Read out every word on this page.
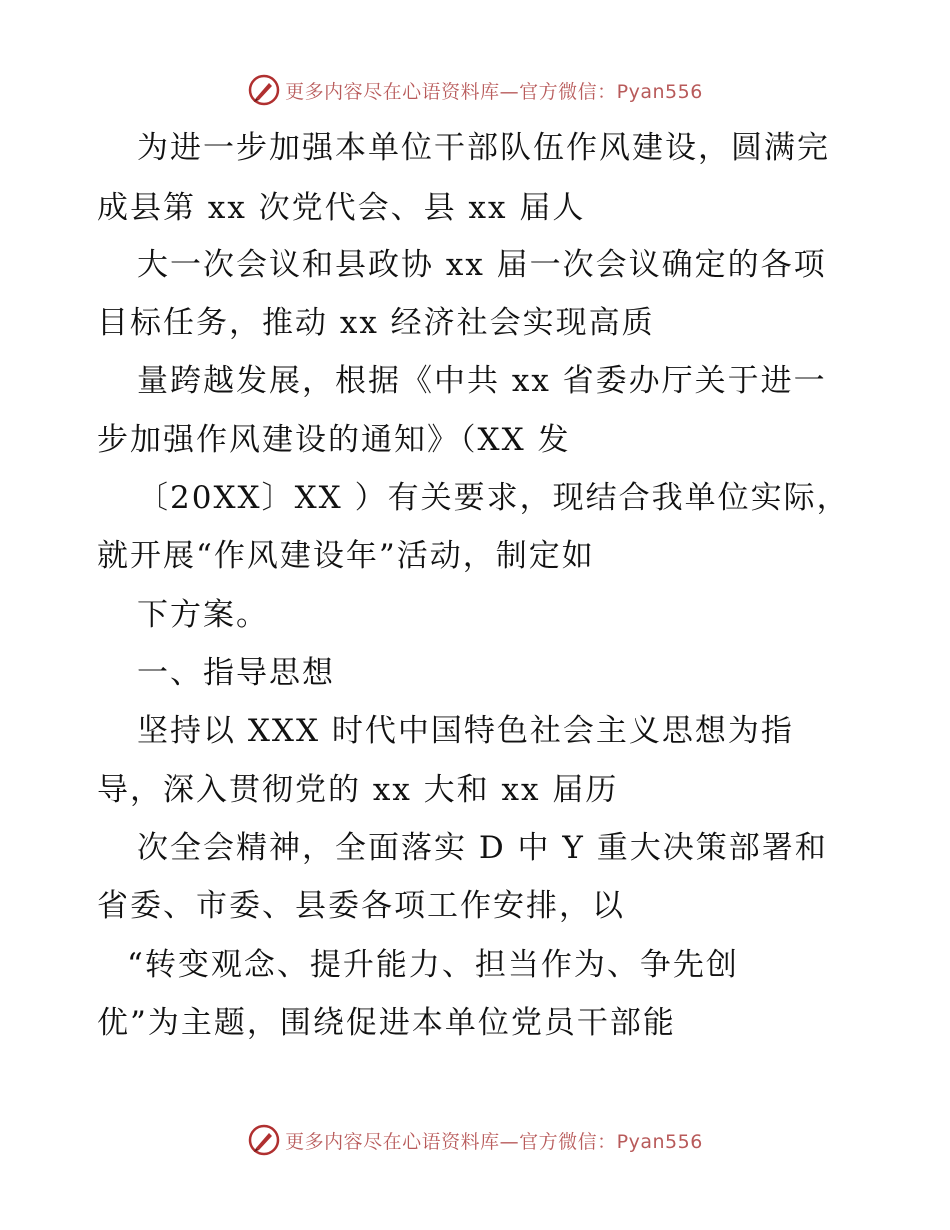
更多内容尽在心语资料库—官方微信：Pyan556
为进一步加强本单位干部队伍作风建设，圆满完
成县第 xx 次党代会、县 xx 届人
大一次会议和县政协 xx 届一次会议确定的各项
目标任务，推动 xx 经济社会实现高质
量跨越发展，根据《中共 xx 省委办厅关于进一
步加强作风建设的通知》（XX 发
〔20XX〕XX ）有关要求，现结合我单位实际，
就开展“作风建设年”活动，制定如
下方案。
一、指导思想
坚持以 XXX 时代中国特色社会主义思想为指
导，深入贯彻党的 xx 大和 xx 届历
次全会精神，全面落实 D 中 Y 重大决策部署和
省委、市委、县委各项工作安排，以
“转变观念、提升能力、担当作为、争先创
优”为主题，围绕促进本单位党员干部能
更多内容尽在心语资料库—官方微信：Pyan556
